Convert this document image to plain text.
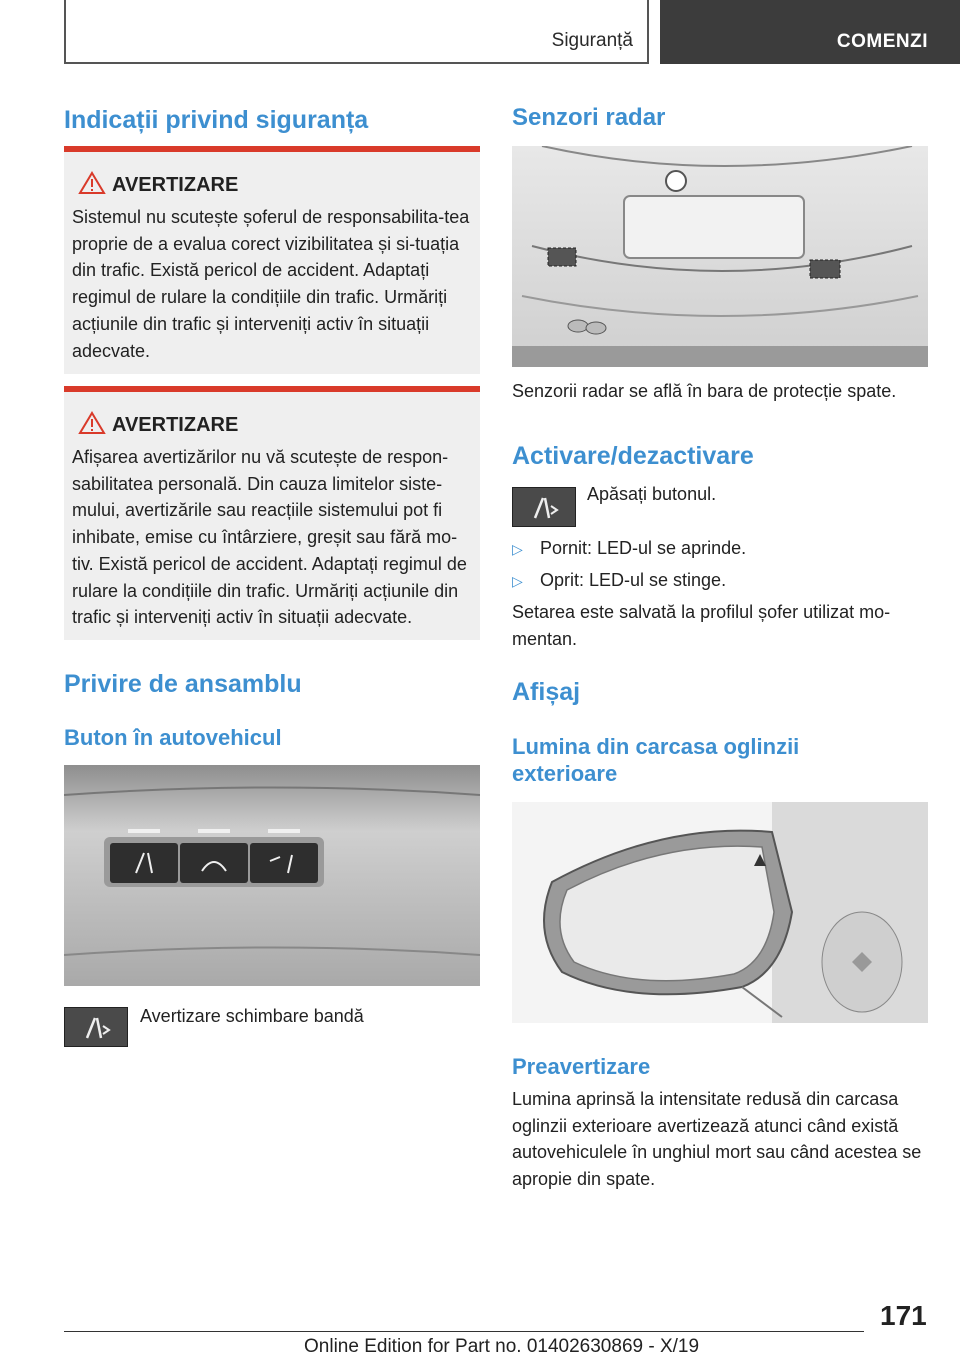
Siguranță	COMENZI
Indicații privind siguranța
AVERTIZARE

Sistemul nu scutește șoferul de responsabilita-tea proprie de a evalua corect vizibilitatea și si-tuația din trafic. Există pericol de accident. Adaptați regimul de rulare la condițiile din trafic. Urmăriți acțiunile din trafic și interveniți activ în situații adecvate.

AVERTIZARE

Afișarea avertizărilor nu vă scutește de respon-sabilitatea personală. Din cauza limitelor siste-mului, avertizările sau reacțiile sistemului pot fi inhibate, emise cu întârziere, greșit sau fără mo-tiv. Există pericol de accident. Adaptați regimul de rulare la condițiile din trafic. Urmăriți acțiunile din trafic și interveniți activ în situații adecvate.

Privire de ansamblu
Buton în autovehicul

Avertizare schimbare bandă

Senzori radar

Senzorii radar se află în bara de protecție spate.

Activare/dezactivare

Apăsați butonul.

▷ Pornit: LED-ul se aprinde.
▷ Oprit: LED-ul se stinge.

Setarea este salvată la profilul șofer utilizat mo-mentan.

Afișaj
Lumina din carcasa oglinzii
exterioare
Preavertizare

Lumina aprinsă la intensitate redusă din carcasa oglinzii exterioare avertizează atunci când există autovehiculele în unghiul mort sau când acestea se apropie din spate.

171
Online Edition for Part no. 01402630869 - X/19
